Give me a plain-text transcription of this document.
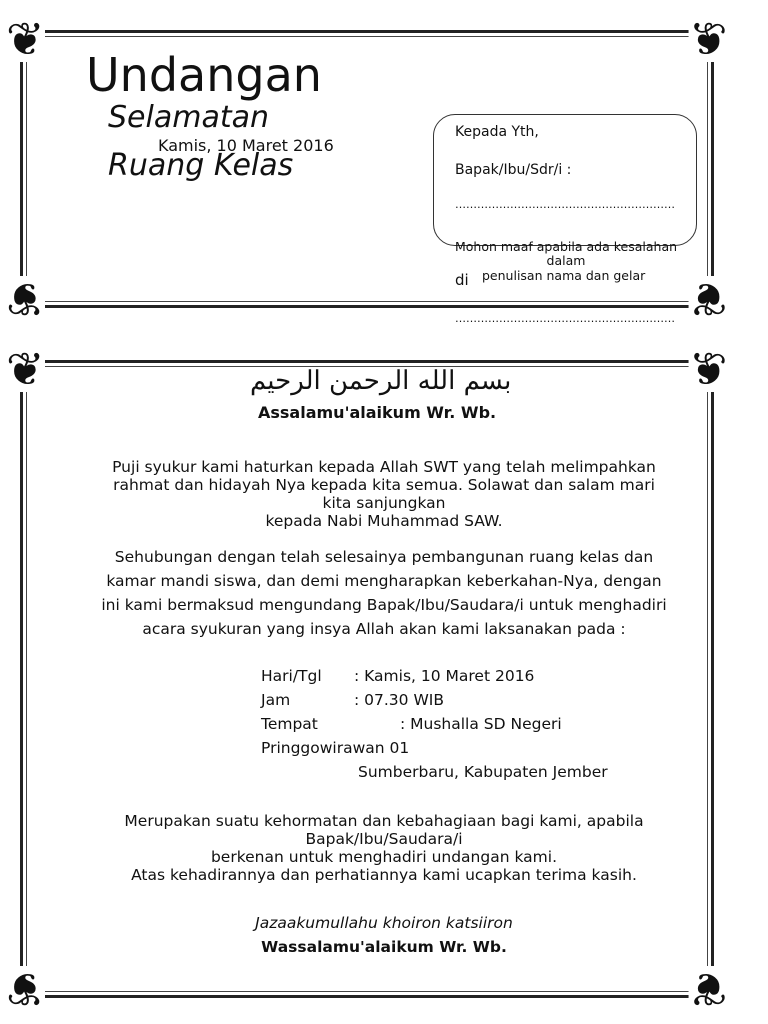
❦	❦
❦	❦
Undangan
Selamatan
Kamis, 10 Maret 2016
Ruang Kelas
Kepada Yth,
Bapak/Ibu/Sdr/i :
……………………………………………………
Mohon maaf apabila ada kesalahan
dalam
di penulisan nama dan gelar
……………………………………………………
❦	❦
❦	❦
بسم الله الرحمن الرحيم
Assalamu'alaikum Wr. Wb.
Puji syukur kami haturkan kepada Allah SWT yang telah melimpahkan
rahmat dan hidayah Nya kepada kita semua. Solawat dan salam mari
kita sanjungkan
kepada Nabi Muhammad SAW.
Sehubungan dengan telah selesainya pembangunan ruang kelas dan
kamar mandi siswa, dan demi mengharapkan keberkahan-Nya, dengan
ini kami bermaksud mengundang Bapak/Ibu/Saudara/i untuk menghadiri
acara syukuran yang insya Allah akan kami laksanakan pada :
Hari/Tgl : Kamis, 10 Maret 2016
Jam	: 07.30 WIB
Tempat	: Mushalla SD Negeri
Pringgowirawan 01
Sumberbaru, Kabupaten Jember
Merupakan suatu kehormatan dan kebahagiaan bagi kami, apabila
Bapak/Ibu/Saudara/i
berkenan untuk menghadiri undangan kami.
Atas kehadirannya dan perhatiannya kami ucapkan terima kasih.
Jazaakumullahu khoiron katsiiron
Wassalamu'alaikum Wr. Wb.
